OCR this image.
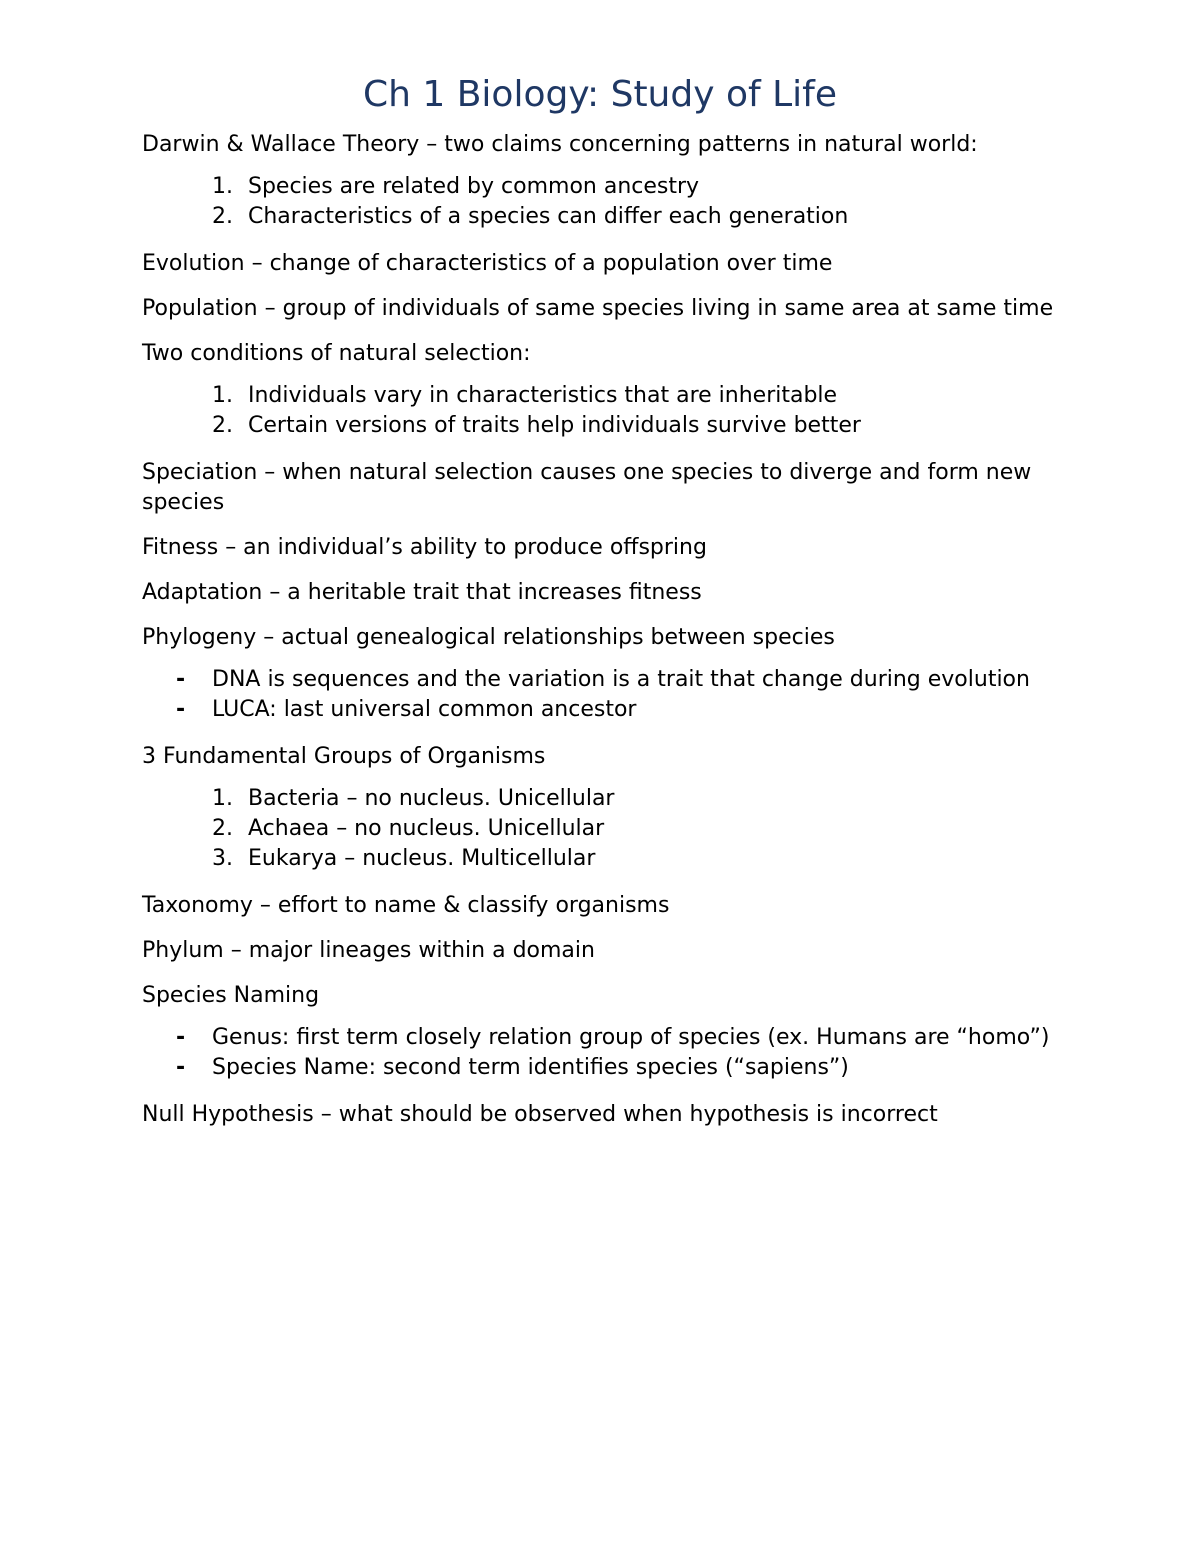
Ch 1 Biology: Study of Life

Darwin & Wallace Theory – two claims concerning patterns in natural world:

1. Species are related by common ancestry
2. Characteristics of a species can differ each generation

Evolution – change of characteristics of a population over time

Population – group of individuals of same species living in same area at same time

Two conditions of natural selection:

1. Individuals vary in characteristics that are inheritable
2. Certain versions of traits help individuals survive better

Speciation – when natural selection causes one species to diverge and form new species

Fitness – an individual’s ability to produce offspring

Adaptation – a heritable trait that increases fitness

Phylogeny – actual genealogical relationships between species

-	DNA is sequences and the variation is a trait that change during evolution
-	LUCA: last universal common ancestor

3 Fundamental Groups of Organisms

1. Bacteria – no nucleus. Unicellular
2. Achaea – no nucleus. Unicellular
3. Eukarya – nucleus. Multicellular

Taxonomy – effort to name & classify organisms

Phylum – major lineages within a domain

Species Naming

-	Genus: first term closely relation group of species (ex. Humans are “homo”)
-	Species Name: second term identifies species (“sapiens”)

Null Hypothesis – what should be observed when hypothesis is incorrect
